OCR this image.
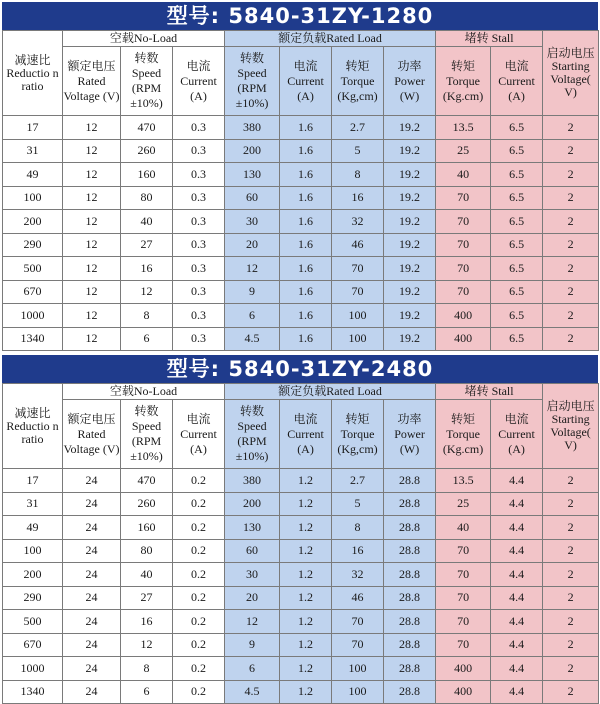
型号: 5840-31ZY-1280
减速比 Reductio n ratio	空载No-Load			额定负载Rated Load				堵转 Stall		启动电压 Starting Voltage( V)
	额定电压Rated Voltage (V)	转数 Speed (RPM ±10%)	电流 Current (A)	转数 Speed (RPM ±10%)	电流 Current (A)	转矩 Torque (Kg,cm)	功率 Power (W)	转矩 Torque (Kg.cm)	电流 Current (A)	
17	12	470	0.3	380	1.6	2.7	19.2	13.5	6.5	2
31	12	260	0.3	200	1.6	5	19.2	25	6.5	2
49	12	160	0.3	130	1.6	8	19.2	40	6.5	2
100	12	80	0.3	60	1.6	16	19.2	70	6.5	2
200	12	40	0.3	30	1.6	32	19.2	70	6.5	2
290	12	27	0.3	20	1.6	46	19.2	70	6.5	2
500	12	16	0.3	12	1.6	70	19.2	70	6.5	2
670	12	12	0.3	9	1.6	70	19.2	70	6.5	2
1000	12	8	0.3	6	1.6	100	19.2	400	6.5	2
1340	12	6	0.3	4.5	1.6	100	19.2	400	6.5	2
型号: 5840-31ZY-2480
减速比 Reductio n ratio	空载No-Load			额定负载Rated Load				堵转 Stall		启动电压 Starting Voltage( V)
	额定电压Rated Voltage (V)	转数 Speed (RPM ±10%)	电流 Current (A)	转数 Speed (RPM ±10%)	电流 Current (A)	转矩 Torque (Kg,cm)	功率 Power (W)	转矩 Torque (Kg.cm)	电流 Current (A)	
17	24	470	0.2	380	1.2	2.7	28.8	13.5	4.4	2
31	24	260	0.2	200	1.2	5	28.8	25	4.4	2
49	24	160	0.2	130	1.2	8	28.8	40	4.4	2
100	24	80	0.2	60	1.2	16	28.8	70	4.4	2
200	24	40	0.2	30	1.2	32	28.8	70	4.4	2
290	24	27	0.2	20	1.2	46	28.8	70	4.4	2
500	24	16	0.2	12	1.2	70	28.8	70	4.4	2
670	24	12	0.2	9	1.2	70	28.8	70	4.4	2
1000	24	8	0.2	6	1.2	100	28.8	400	4.4	2
1340	24	6	0.2	4.5	1.2	100	28.8	400	4.4	2
